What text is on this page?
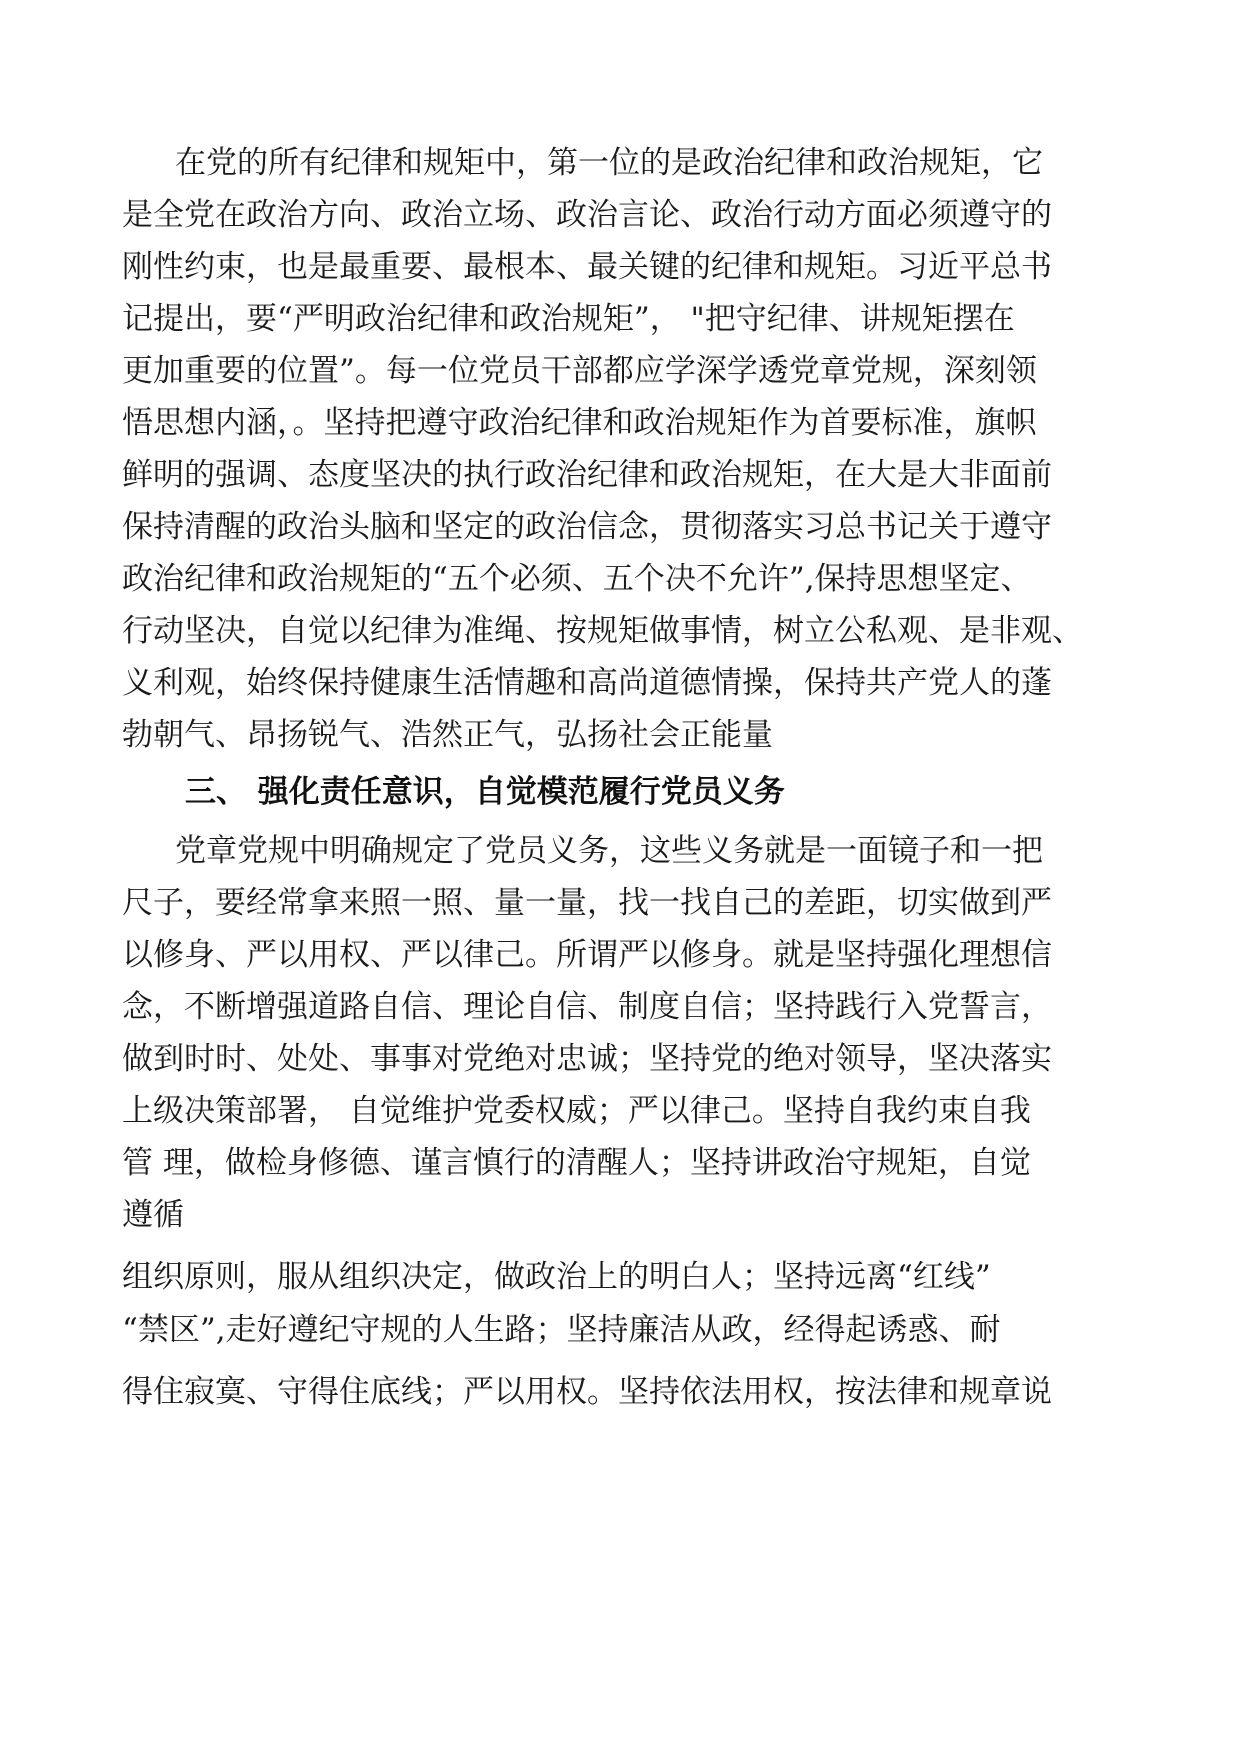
在党的所有纪律和规矩中，第一位的是政治纪律和政治规矩，它
是全党在政治方向、政治立场、政治言论、政治行动方面必须遵守的
刚性约束，也是最重要、最根本、最关键的纪律和规矩。习近平总书
记提出，要“严明政治纪律和政治规矩”， "把守纪律、讲规矩摆在
更加重要的位置”。每一位党员干部都应学深学透党章党规，深刻领
悟思想内涵，。坚持把遵守政治纪律和政治规矩作为首要标准，旗帜
鲜明的强调、态度坚决的执行政治纪律和政治规矩，在大是大非面前
保持清醒的政治头脑和坚定的政治信念，贯彻落实习总书记关于遵守
政治纪律和政治规矩的“五个必须、五个决不允许”,保持思想坚定、
行动坚决，自觉以纪律为准绳、按规矩做事情，树立公私观、是非观、
义利观，始终保持健康生活情趣和高尚道德情操，保持共产党人的蓬
勃朝气、昂扬锐气、浩然正气，弘扬社会正能量
三、 强化责任意识，自觉模范履行党员义务
党章党规中明确规定了党员义务，这些义务就是一面镜子和一把
尺子，要经常拿来照一照、量一量，找一找自己的差距，切实做到严
以修身、严以用权、严以律己。所谓严以修身。就是坚持强化理想信
念，不断增强道路自信、理论自信、制度自信；坚持践行入党誓言，
做到时时、处处、事事对党绝对忠诚；坚持党的绝对领导，坚决落实
上级决策部署， 自觉维护党委权威；严以律己。坚持自我约束自我
管 理，做检身修德、谨言慎行的清醒人；坚持讲政治守规矩，自觉
遵循
组织原则，服从组织决定，做政治上的明白人；坚持远离“红线”
“禁区”,走好遵纪守规的人生路；坚持廉洁从政，经得起诱惑、耐
得住寂寞、守得住底线；严以用权。坚持依法用权，按法律和规章说
